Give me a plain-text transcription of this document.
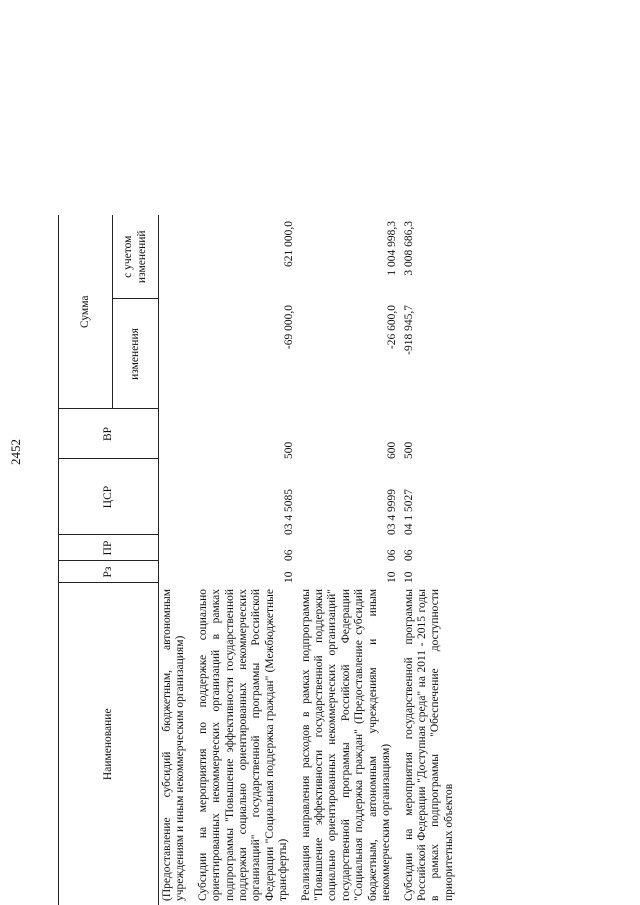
2452
Наименование	Рз	ПР	ЦСР	ВР	Сумма	
					изменения	с учетом изменений
(Предоставление субсидий бюджетным, автономным учреждениям и иным некоммерческим организациям)						
Субсидии на мероприятия по поддержке социально ориентированных некоммерческих организаций в рамках подпрограммы "Повышение эффективности государственной поддержки социально ориентированных некоммерческих организаций" государственной программы Российской Федерации "Социальная поддержка граждан" (Межбюджетные трансферты)	10	06	03 4 5085	500	-69 000,0	621 000,0
Реализация направления расходов в рамках подпрограммы "Повышение эффективности государственной поддержки социально ориентированных некоммерческих организаций" государственной программы Российской Федерации "Социальная поддержка граждан" (Предоставление субсидий бюджетным, автономным учреждениям и иным некоммерческим организациям)	10	06	03 4 9999	600	-26 600,0	1 004 998,3
Субсидии на мероприятия государственной программы Российской Федерации "Доступная среда" на 2011 - 2015 годы в рамках подпрограммы "Обеспечение доступности приоритетных объектов	10	06	04 1 5027	500	-918 945,7	3 008 686,3
